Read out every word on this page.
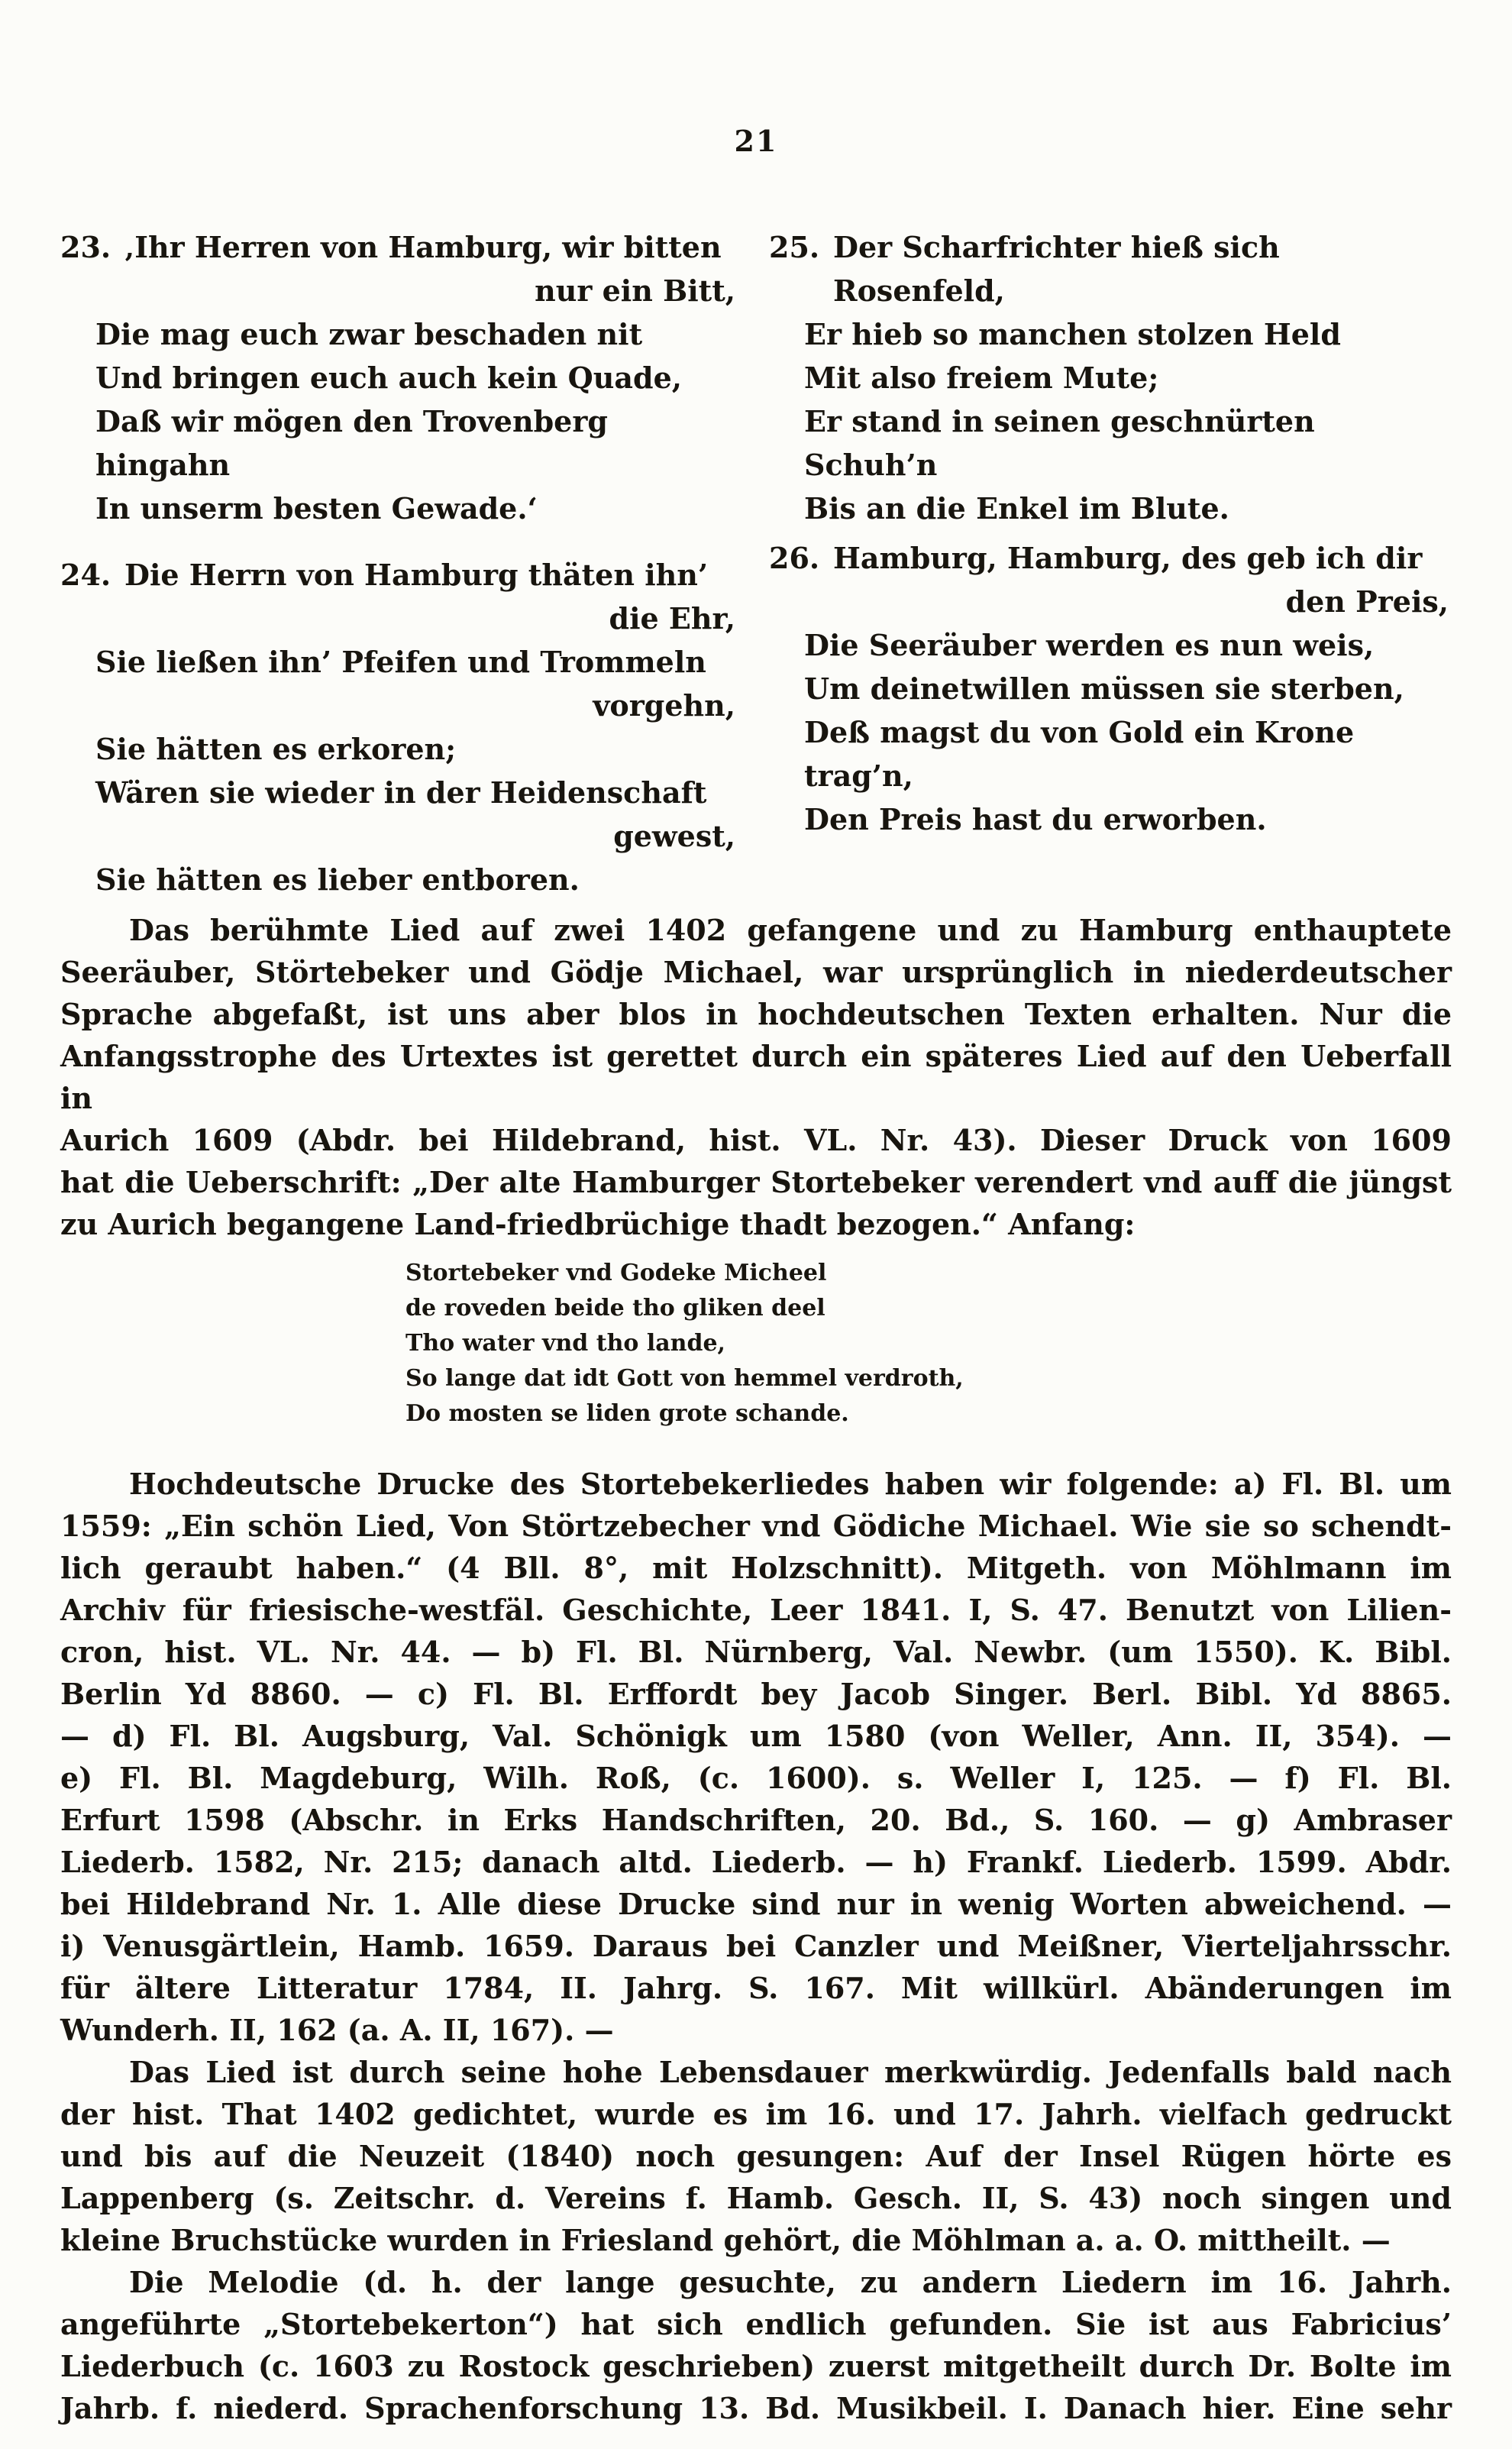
21
23. ‚Ihr Herren von Hamburg, wir bitten
nur ein Bitt,
Die mag euch zwar beschaden nit
Und bringen euch auch kein Quade,
Daß wir mögen den Trovenberg hingahn
In unserm besten Gewade.‘
24. Die Herrn von Hamburg thäten ihn’
die Ehr,
Sie ließen ihn’ Pfeifen und Trommeln
vorgehn,
Sie hätten es erkoren;
Wären sie wieder in der Heidenschaft
gewest,
Sie hätten es lieber entboren.
25. Der Scharfrichter hieß sich Rosenfeld,
Er hieb so manchen stolzen Held
Mit also freiem Mute;
Er stand in seinen geschnürten Schuh’n
Bis an die Enkel im Blute.
26. Hamburg, Hamburg, des geb ich dir
den Preis,
Die Seeräuber werden es nun weis,
Um deinetwillen müssen sie sterben,
Deß magst du von Gold ein Krone trag’n,
Den Preis hast du erworben.
Das berühmte Lied auf zwei 1402 gefangene und zu Hamburg enthauptete
Seeräuber, Störtebeker und Gödje Michael, war ursprünglich in niederdeutscher
Sprache abgefaßt, ist uns aber blos in hochdeutschen Texten erhalten. Nur die
Anfangsstrophe des Urtextes ist gerettet durch ein späteres Lied auf den Ueberfall in
Aurich 1609 (Abdr. bei Hildebrand, hist. VL. Nr. 43). Dieser Druck von 1609
hat die Ueberschrift: „Der alte Hamburger Stortebeker verendert vnd auff die jüngst
zu Aurich begangene Land-friedbrüchige thadt bezogen.“ Anfang:
Stortebeker vnd Godeke Micheel
de roveden beide tho gliken deel
Tho water vnd tho lande,
So lange dat idt Gott von hemmel verdroth,
Do mosten se liden grote schande.
Hochdeutsche Drucke des Stortebekerliedes haben wir folgende: a) Fl. Bl. um
1559: „Ein schön Lied, Von Störtzebecher vnd Gödiche Michael. Wie sie so schendt-
lich geraubt haben.“ (4 Bll. 8°, mit Holzschnitt). Mitgeth. von Möhlmann im
Archiv für friesische-westfäl. Geschichte, Leer 1841. I, S. 47. Benutzt von Lilien-
cron, hist. VL. Nr. 44. — b) Fl. Bl. Nürnberg, Val. Newbr. (um 1550). K. Bibl.
Berlin Yd 8860. — c) Fl. Bl. Erffordt bey Jacob Singer. Berl. Bibl. Yd 8865.
— d) Fl. Bl. Augsburg, Val. Schönigk um 1580 (von Weller, Ann. II, 354). —
e) Fl. Bl. Magdeburg, Wilh. Roß, (c. 1600). s. Weller I, 125. — f) Fl. Bl.
Erfurt 1598 (Abschr. in Erks Handschriften, 20. Bd., S. 160. — g) Ambraser
Liederb. 1582, Nr. 215; danach altd. Liederb. — h) Frankf. Liederb. 1599. Abdr.
bei Hildebrand Nr. 1. Alle diese Drucke sind nur in wenig Worten abweichend. —
i) Venusgärtlein, Hamb. 1659. Daraus bei Canzler und Meißner, Vierteljahrsschr.
für ältere Litteratur 1784, II. Jahrg. S. 167. Mit willkürl. Abänderungen im
Wunderh. II, 162 (a. A. II, 167). —
Das Lied ist durch seine hohe Lebensdauer merkwürdig. Jedenfalls bald nach
der hist. That 1402 gedichtet, wurde es im 16. und 17. Jahrh. vielfach gedruckt
und bis auf die Neuzeit (1840) noch gesungen: Auf der Insel Rügen hörte es
Lappenberg (s. Zeitschr. d. Vereins f. Hamb. Gesch. II, S. 43) noch singen und
kleine Bruchstücke wurden in Friesland gehört, die Möhlman a. a. O. mittheilt. —
Die Melodie (d. h. der lange gesuchte, zu andern Liedern im 16. Jahrh.
angeführte „Stortebekerton“) hat sich endlich gefunden. Sie ist aus Fabricius’
Liederbuch (c. 1603 zu Rostock geschrieben) zuerst mitgetheilt durch Dr. Bolte im
Jahrb. f. niederd. Sprachenforschung 13. Bd. Musikbeil. I. Danach hier. Eine sehr
